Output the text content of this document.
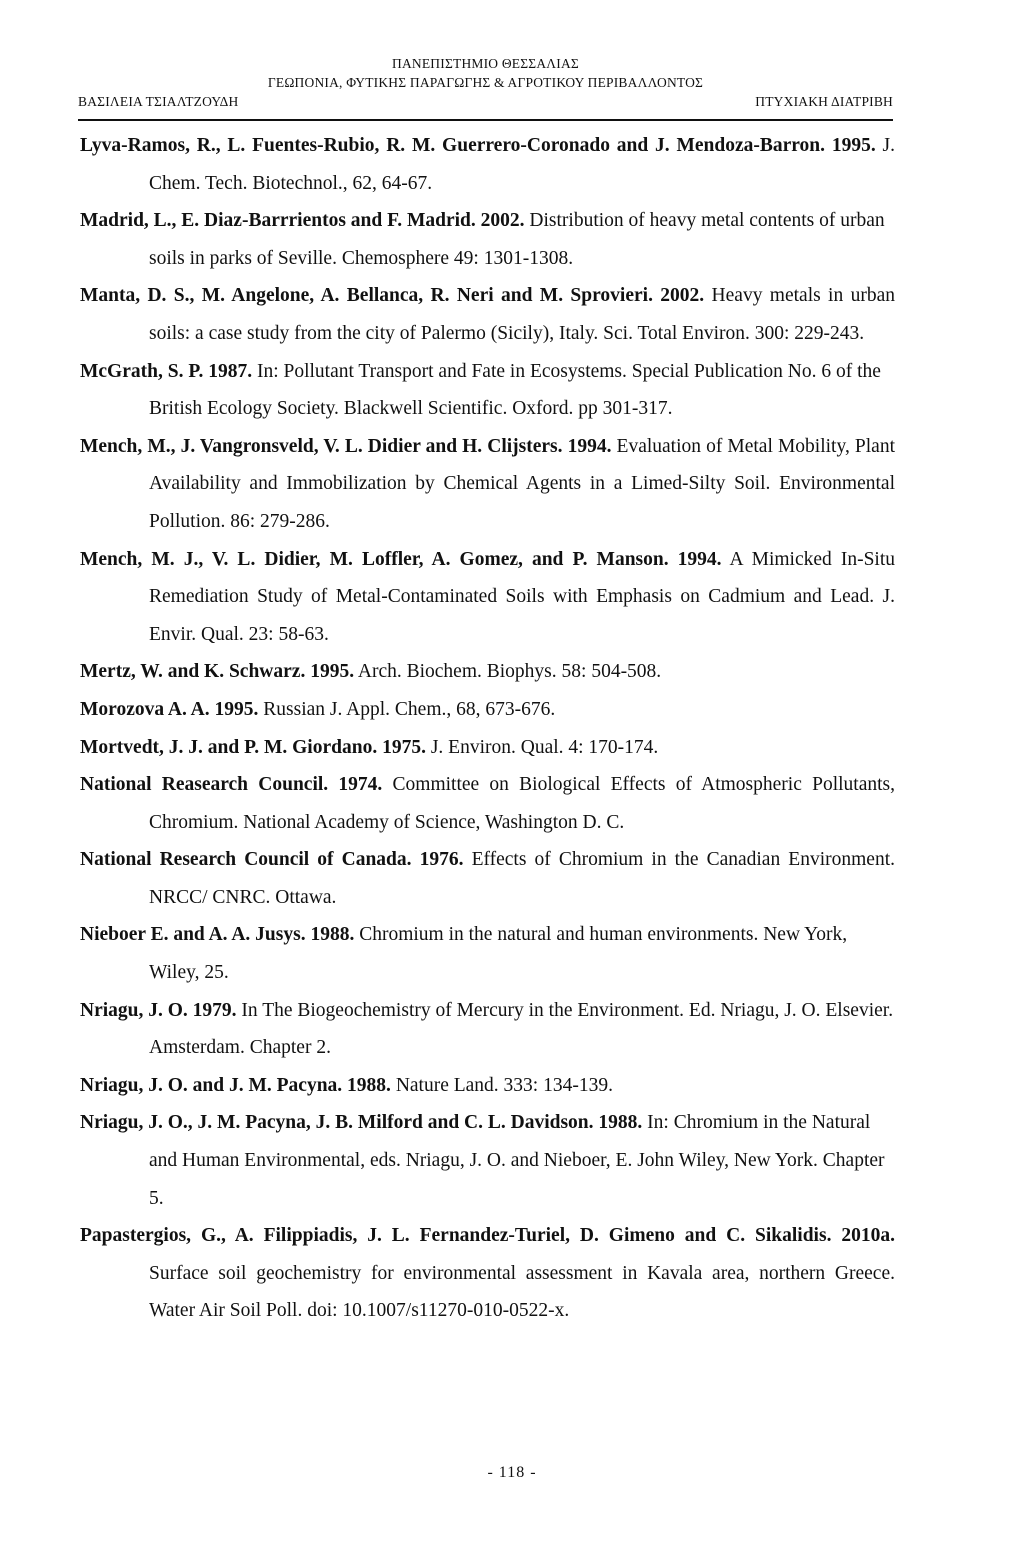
ΠΑΝΕΠΙΣΤΗΜΙΟ ΘΕΣΣΑΛΙΑΣ
ΓΕΩΠΟΝΙΑ, ΦΥΤΙΚΗΣ ΠΑΡΑΓΩΓΗΣ & ΑΓΡΟΤΙΚΟΥ ΠΕΡΙΒΑΛΛΟΝΤΟΣ
ΒΑΣΙΛΕΙΑ ΤΣΙΑΛΤΖΟΥΔΗ	ΠΤΥΧΙΑΚΗ ΔΙΑΤΡΙΒΗ

Lyva-Ramos, R., L. Fuentes-Rubio, R. M. Guerrero-Coronado and J. Mendoza-Barron. 1995. J. Chem. Tech. Biotechnol., 62, 64-67.

Madrid, L., E. Diaz-Barrrientos and F. Madrid. 2002. Distribution of heavy metal contents of urban soils in parks of Seville. Chemosphere 49: 1301-1308.

Manta, D. S., M. Angelone, A. Bellanca, R. Neri and M. Sprovieri. 2002. Heavy metals in urban soils: a case study from the city of Palermo (Sicily), Italy. Sci. Total Environ. 300: 229-243.

McGrath, S. P. 1987. In: Pollutant Transport and Fate in Ecosystems. Special Publication No. 6 of the British Ecology Society. Blackwell Scientific. Oxford. pp 301-317.

Mench, M., J. Vangronsveld, V. L. Didier and H. Clijsters. 1994. Evaluation of Metal Mobility, Plant Availability and Immobilization by Chemical Agents in a Limed-Silty Soil. Environmental Pollution. 86: 279-286.

Mench, M. J., V. L. Didier, M. Loffler, A. Gomez, and P. Manson. 1994. A Mimicked In-Situ Remediation Study of Metal-Contaminated Soils with Emphasis on Cadmium and Lead. J. Envir. Qual. 23: 58-63.

Mertz, W. and K. Schwarz. 1995. Arch. Biochem. Biophys. 58: 504-508.

Morozova A. A. 1995. Russian J. Appl. Chem., 68, 673-676.

Mortvedt, J. J. and P. M. Giordano. 1975. J. Environ. Qual. 4: 170-174.

National Reasearch Council. 1974. Committee on Biological Effects of Atmospheric Pollutants, Chromium. National Academy of Science, Washington D. C.

National Research Council of Canada. 1976. Effects of Chromium in the Canadian Environment. NRCC/ CNRC. Ottawa.

Nieboer E. and A. A. Jusys. 1988. Chromium in the natural and human environments. New York, Wiley, 25.

Nriagu, J. O. 1979. In The Biogeochemistry of Mercury in the Environment. Ed. Nriagu, J. O. Elsevier. Amsterdam. Chapter 2.

Nriagu, J. O. and J. M. Pacyna. 1988. Nature Land. 333: 134-139.

Nriagu, J. O., J. M. Pacyna, J. B. Milford and C. L. Davidson. 1988. In: Chromium in the Natural and Human Environmental, eds. Nriagu, J. O. and Nieboer, E. John Wiley, New York. Chapter 5.

Papastergios, G., A. Filippiadis, J. L. Fernandez-Turiel, D. Gimeno and C. Sikalidis. 2010a. Surface soil geochemistry for environmental assessment in Kavala area, northern Greece. Water Air Soil Poll. doi: 10.1007/s11270-010-0522-x.

- 118 -
